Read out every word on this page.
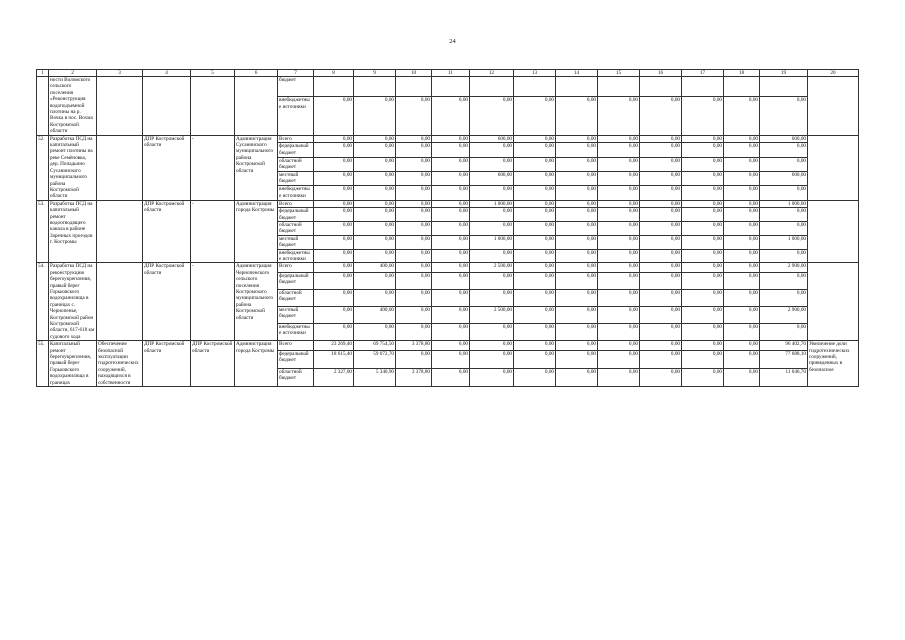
24
1	2	3	4	5	6	7	8	9	10	11	12	13	14	15	16	17	18	19	20
	ности Воломского сельского поселения «Реконструкция водоподъемной плотины на р. Вочка в пос. Вохма Костромской области					бюджет													
						внебюджетные источники	0,00	0,00	0,00	0,00	0,00	0,00	0,00	0,00	0,00	0,00	0,00	0,00	
52.	Разработка ПСД на капитальный ремонт плотины на реке Семёновка, дер. Попадьино Сусанинского муниципального района Костромской области		ДПР Костромской области	-	Администрация Сусанинского муниципального района Костромской области	Всего	0,00	0,00	0,00	0,00	600,00	0,00	0,00	0,00	0,00	0,00	0,00	600,00	
						федеральный бюджет	0,00	0,00	0,00	0,00	0,00	0,00	0,00	0,00	0,00	0,00	0,00	0,00	
						областной бюджет	0,00	0,00	0,00	0,00	0,00	0,00	0,00	0,00	0,00	0,00	0,00	0,00	
						местный бюджет	0,00	0,00	0,00	0,00	600,00	0,00	0,00	0,00	0,00	0,00	0,00	600,00	
						внебюджетные источники	0,00	0,00	0,00	0,00	0,00	0,00	0,00	0,00	0,00	0,00	0,00	0,00	
53.	Разработка ПСД на капитальный ремонт водоотводящего канала в районе Заречных проездов г. Костромы		ДПР Костромской области	-	Администрация города Костромы	Всего	0,00	0,00	0,00	0,00	1 000,00	0,00	0,00	0,00	0,00	0,00	0,00	1 000,00	
						федеральный бюджет	0,00	0,00	0,00	0,00	0,00	0,00	0,00	0,00	0,00	0,00	0,00	0,00	
						областной бюджет	0,00	0,00	0,00	0,00	0,00	0,00	0,00	0,00	0,00	0,00	0,00	0,00	
						местный бюджет	0,00	0,00	0,00	0,00	1 000,00	0,00	0,00	0,00	0,00	0,00	0,00	1 000,00	
						внебюджетные источники	0,00	0,00	0,00	0,00	0,00	0,00	0,00	0,00	0,00	0,00	0,00	0,00	
54.	Разработка ПСД на реконструкцию берегоукрепления, правый берег Горьковского водохранилища в границах с. Чернопенье, Костромской район Костромской области, 617-618 км судового хода		ДПР Костромской области	-	Администрация Чернопенского сельского поселения Костромского муниципального района Костромской области	Всего	0,00	400,00	0,00	0,00	2 500,00	0,00	0,00	0,00	0,00	0,00	0,00	2 900,00	
						федеральный бюджет	0,00	0,00	0,00	0,00	0,00	0,00	0,00	0,00	0,00	0,00	0,00	0,00	
						областной бюджет	0,00	0,00	0,00	0,00	0,00	0,00	0,00	0,00	0,00	0,00	0,00	0,00	
						местный бюджет	0,00	400,00	0,00	0,00	2 500,00	0,00	0,00	0,00	0,00	0,00	0,00	2 900,00	
						внебюджетные источники	0,00	0,00	0,00	0,00	0,00	0,00	0,00	0,00	0,00	0,00	0,00	0,00	
55.	Капитальный ремонт берегоукрепления, правый берег Горьковского водохранилища в границах	Обеспечение безопасной эксплуатации гидротехнических сооружений, находящихся в собственности	ДПР Костромской области	ДПР Костромской области	Администрация города Костромы	Всего	23 269,40	69 754,50	3 378,80	0,00	0,00	0,00	0,00	0,00	0,00	0,00	0,00	96 402,70	Увеличение доли гидротехнических сооружений, приведенных в безопасное
						федеральный бюджет	18 615,40	59 072,70	0,00	0,00	0,00	0,00	0,00	0,00	0,00	0,00	0,00	77 688,10	
						областной бюджет	2 327,00	5 340,90	3 378,80	0,00	0,00	0,00	0,00	0,00	0,00	0,00	0,00	11 046,70	
